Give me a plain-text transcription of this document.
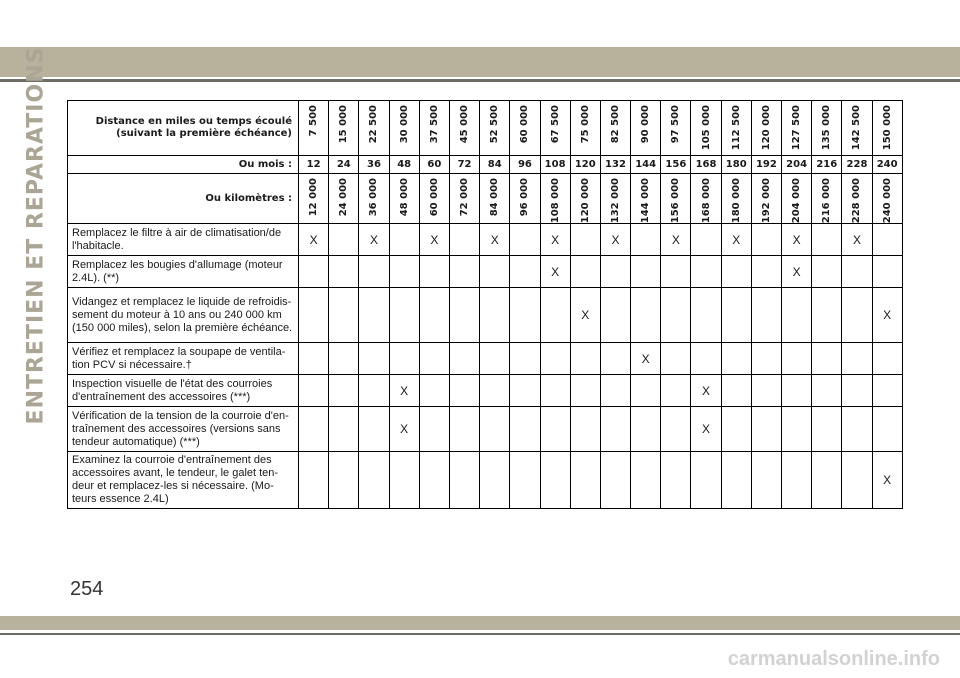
ENTRETIEN ET REPARATIONS	Distance en miles ou temps écoulé (suivant la première échéance)	7 500	15 000	22 500	30 000	37 500	45 000	52 500	60 000	67 500	75 000	82 500	90 000	97 500	105 000	112 500	120 000	127 500	135 000	142 500	150 000

Ou mois :	12	24	36	48	60	72	84	96	108	120	132	144	156	168	180	192	204	216	228	240
Ou kilomètres :	12 000	24 000	36 000	48 000	60 000	72 000	84 000	96 000	108 000	120 000	132 000	144 000	156 000	168 000	180 000	192 000	204 000	216 000	228 000	240 000

Remplacez le filtre à air de climatisation/de l'habitacle.	X		X		X		X		X		X		X		X		X		X	
Remplacez les bougies d'allumage (moteur 2.4L). (**)									X								X			
Vidangez et remplacez le liquide de refroidis-sement du moteur à 10 ans ou 240 000 km (150 000 miles), selon la première échéance.										X										X
Vérifiez et remplacez la soupape de ventila-tion PCV si nécessaire.†												X								
Inspection visuelle de l'état des courroies d'entraînement des accessoires (***)				X										X						
Vérification de la tension de la courroie d'en-traînement des accessoires (versions sans tendeur automatique) (***)				X										X						
Examinez la courroie d'entraînement des accessoires avant, le tendeur, le galet ten-deur et remplacez-les si nécessaire. (Mo-teurs essence 2.4L)																				X
254
carmanualsonline.info
